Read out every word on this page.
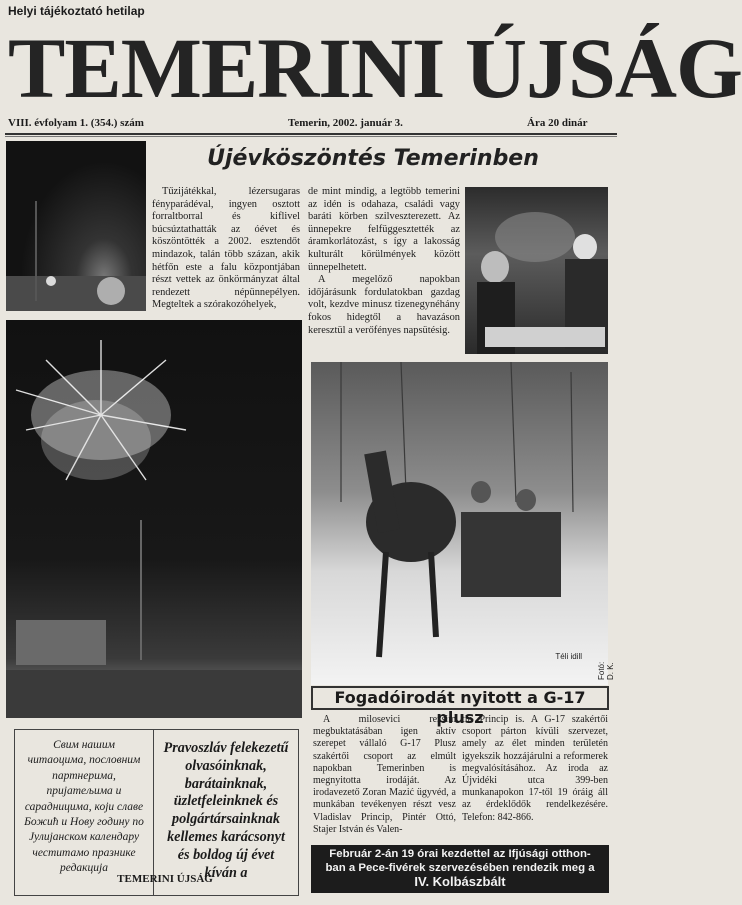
Helyi tájékoztató hetilap
TEMERINI ÚJSÁG
VIII. évfolyam 1. (354.) szám	Temerin, 2002. január 3.	Ára 20 dinár
Téli idill
Fotó: D. K.
Újévköszöntés Temerinben

Tűzijátékkal, lézersugaras fényparádéval, ingyen osztott forraltborral és kiflivel búcsúztathatták az óévet és köszöntötték a 2002. esztendőt mindazok, talán több százan, akik hétfőn este a falu központjában részt vettek az önkörmányzat által rendezett népünnepélyen. Megteltek a szórakozóhelyek,

de mint mindig, a legtöbb temerini az idén is odahaza, családi vagy baráti körben szilveszterezett. Az ünnepekre felfüggesztették az áramkorlátozást, s így a lakosság kulturált körülmények között ünnepelhetett.

A megelőző napokban időjárásunk fordulatokban gazdag volt, kezdve minusz tizenegynéhány fokos hidegtől a havazáson keresztül a verőfényes napsütésig.

Свим нашим
читаоцима, пословним
партнерима,
пријатељима и
сарадницима, који славе
Божић и Нову годину по
Јулијанском календару
честитамо празнике
редакција
TEMERINI ÚJSÁG
Pravoszláv felekezetű
olvasóinknak,
barátainknak,
üzletfeleinknek és
polgártársainknak
kellemes karácsonyt
és boldog új évet
kíván a
Fogadóirodát nyitott a G-17 plusz

A milosevici rezsim megbuktatásában igen aktív szerepet vállaló G-17 Plusz szakértői csoport az elmúlt napokban Temerinben is megnyitotta irodáját. Az irodavezető Zoran Mazić ügyvéd, a munkában tevékenyen részt vesz Vladislav Princip, Pintér Ottó, Stajer István és Valen-

tin Princip is. A G-17 szakértői csoport párton kívüli szervezet, amely az élet minden területén igyekszik hozzájárulni a reformerek megvalósításához. Az iroda az Újvidéki utca 399-ben munkanapokon 17-től 19 óráig áll az érdeklődők rendelkezésére. Telefon: 842-866.

Február 2-án 19 órai kezdettel az Ifjúsági otthon-
ban a Pece-fivérek szervezésében rendezik meg a
IV. Kolbászbált
